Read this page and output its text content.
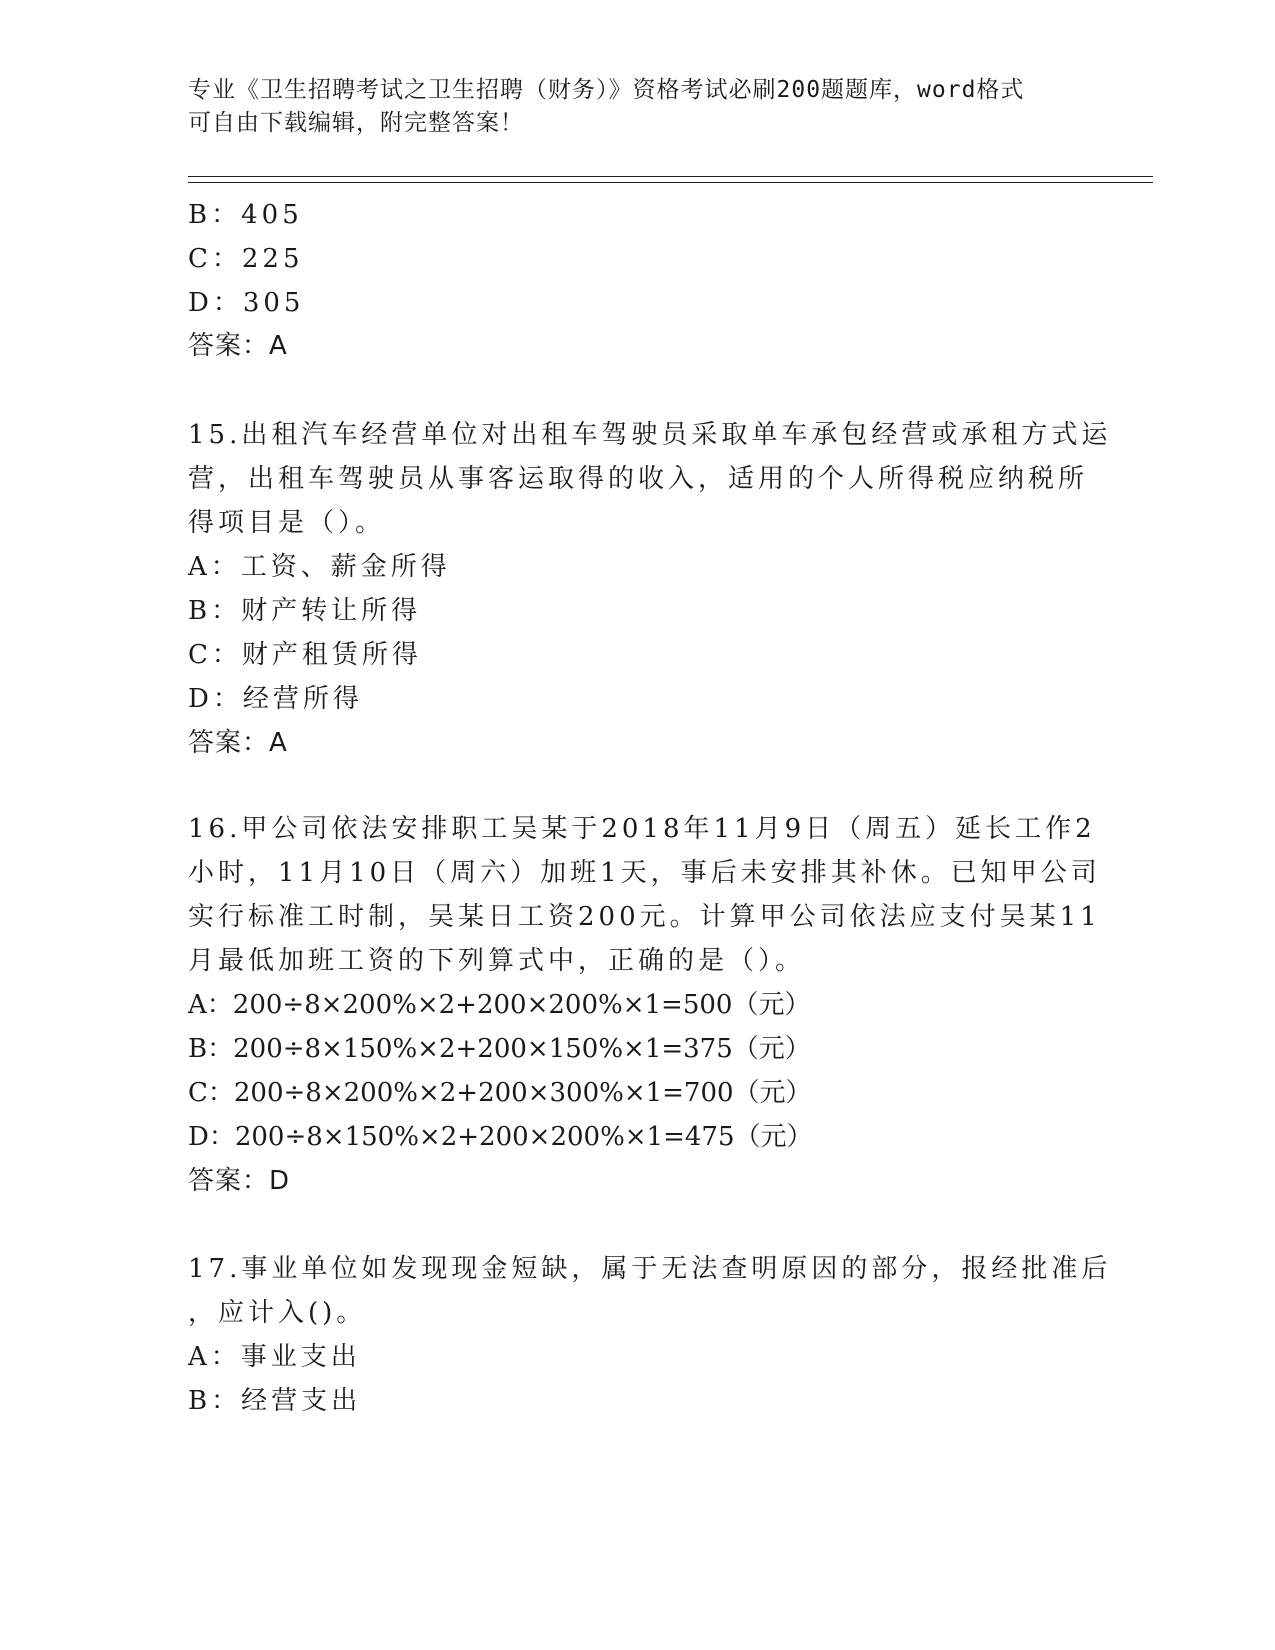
专业《卫生招聘考试之卫生招聘（财务）》资格考试必刷200题题库，word格式
可自由下载编辑，附完整答案！
B：405
C：225
D：305
答案：A
15.出租汽车经营单位对出租车驾驶员采取单车承包经营或承租方式运
营，出租车驾驶员从事客运取得的收入，适用的个人所得税应纳税所
得项目是（）。
A：工资、薪金所得
B：财产转让所得
C：财产租赁所得
D：经营所得
答案：A
16.甲公司依法安排职工吴某于2018年11月9日（周五）延长工作2
小时，11月10日（周六）加班1天，事后未安排其补休。已知甲公司
实行标准工时制，吴某日工资200元。计算甲公司依法应支付吴某11
月最低加班工资的下列算式中，正确的是（）。
A：200÷8×200%×2+200×200%×1=500（元）
B：200÷8×150%×2+200×150%×1=375（元）
C：200÷8×200%×2+200×300%×1=700（元）
D：200÷8×150%×2+200×200%×1=475（元）
答案：D
17.事业单位如发现现金短缺，属于无法查明原因的部分，报经批准后
，应计入()。
A：事业支出
B：经营支出
